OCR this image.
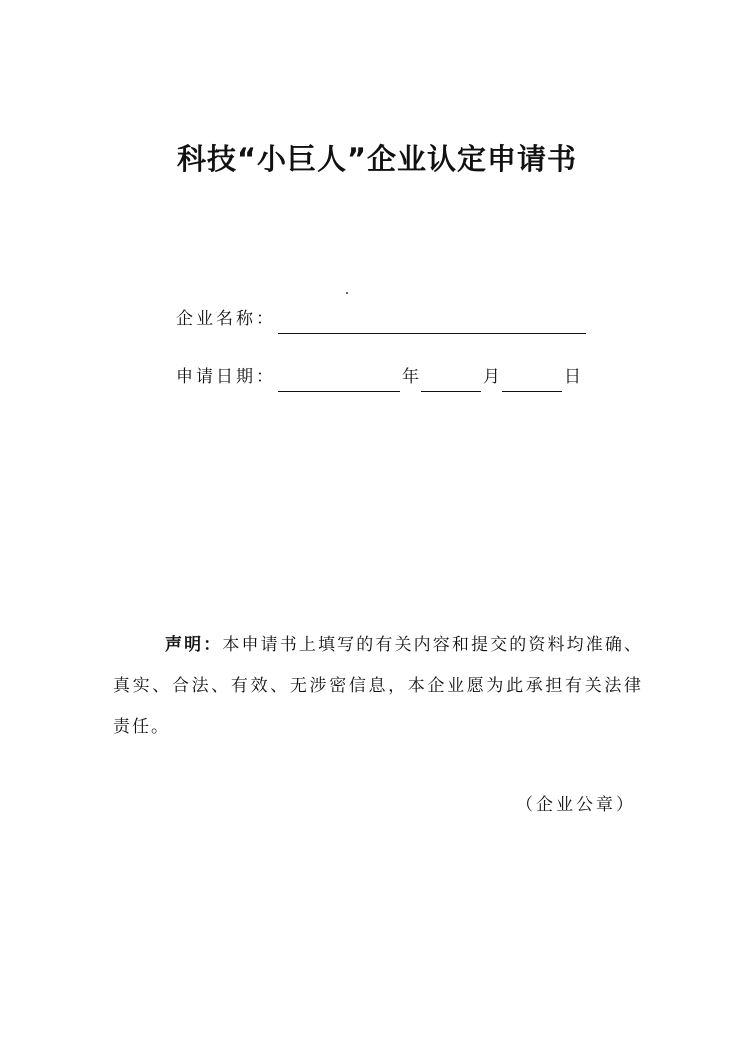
科技“小巨人”企业认定申请书
企业名称：
申请日期：	年	月	日
声明：本申请书上填写的有关内容和提交的资料均准确、真实、合法、有效、无涉密信息，本企业愿为此承担有关法律责任。
（企业公章）
